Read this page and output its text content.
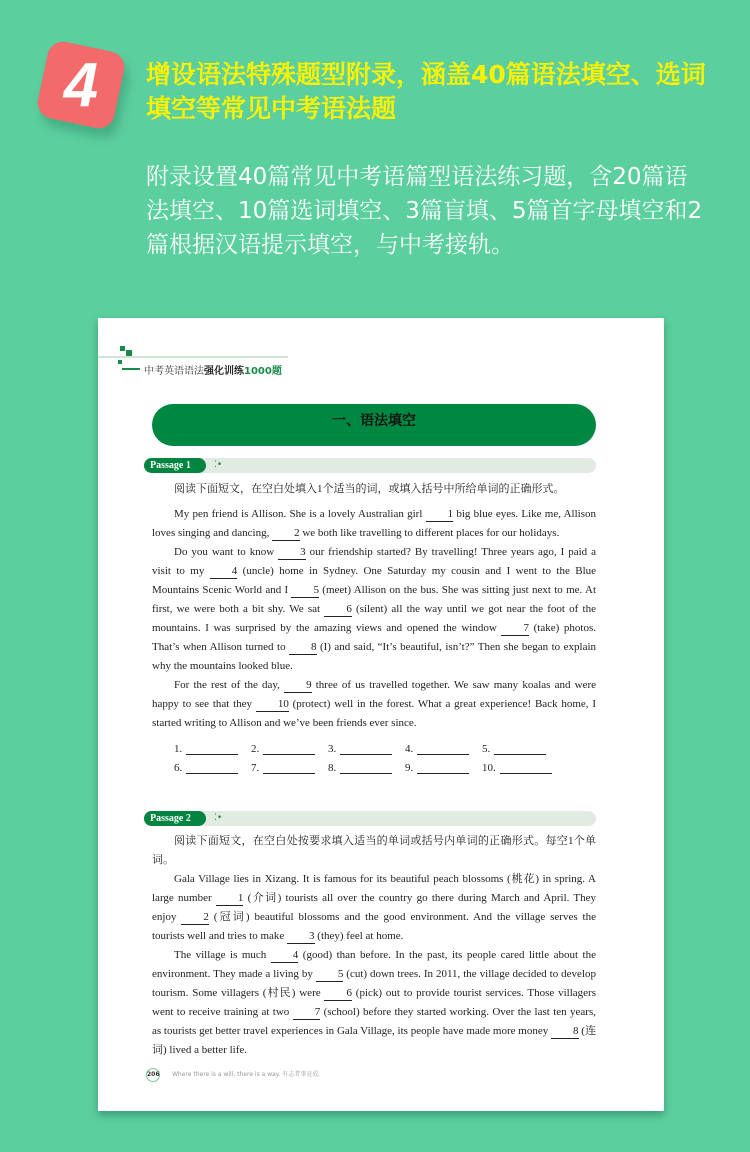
4	增设语法特殊题型附录，涵盖40篇语法填空、选词填空等常见中考语法题
附录设置40篇常见中考语篇型语法练习题，含20篇语法填空、10篇选词填空、3篇盲填、5篇首字母填空和2篇根据汉语提示填空，与中考接轨。
中考英语语法强化训练1000题
一、语法填空
Passage 1	⁚•

阅读下面短文，在空白处填入1个适当的词，或填入括号中所给单词的正确形式。

My pen friend is Allison. She is a lovely Australian girl 1 big blue eyes. Like me, Allison loves singing and dancing, 2 we both like travelling to different places for our holidays.

Do you want to know 3 our friendship started? By travelling! Three years ago, I paid a visit to my 4 (uncle) home in Sydney. One Saturday my cousin and I went to the Blue Mountains Scenic World and I 5 (meet) Allison on the bus. She was sitting just next to me. At first, we were both a bit shy. We sat 6 (silent) all the way until we got near the foot of the mountains. I was surprised by the amazing views and opened the window 7 (take) photos. That’s when Allison turned to 8 (I) and said, “It’s beautiful, isn’t?” Then she began to explain why the mountains looked blue.

For the rest of the day, 9 three of us travelled together. We saw many koalas and were happy to see that they 10 (protect) well in the forest. What a great experience! Back home, I started writing to Allison and we’ve been friends ever since.

1.	2.	3.	4.	5.
6.	7.	8.	9.	10.
Passage 2	⁚•

阅读下面短文，在空白处按要求填入适当的单词或括号内单词的正确形式。每空1个单词。

Gala Village lies in Xizang. It is famous for its beautiful peach blossoms (桃花) in spring. A large number 1 (介词) tourists all over the country go there during March and April. They enjoy 2 (冠词) beautiful blossoms and the good environment. And the village serves the tourists well and tries to make 3 (they) feel at home.

The village is much 4 (good) than before. In the past, its people cared little about the environment. They made a living by 5 (cut) down trees. In 2011, the village decided to develop tourism. Some villagers (村民) were 6 (pick) out to provide tourist services. Those villagers went to receive training at two 7 (school) before they started working. Over the last ten years, as tourists get better travel experiences in Gala Village, its people have made more money 8 (连词) lived a better life.

206 Where there is a will, there is a way. 有志者事竟成。
